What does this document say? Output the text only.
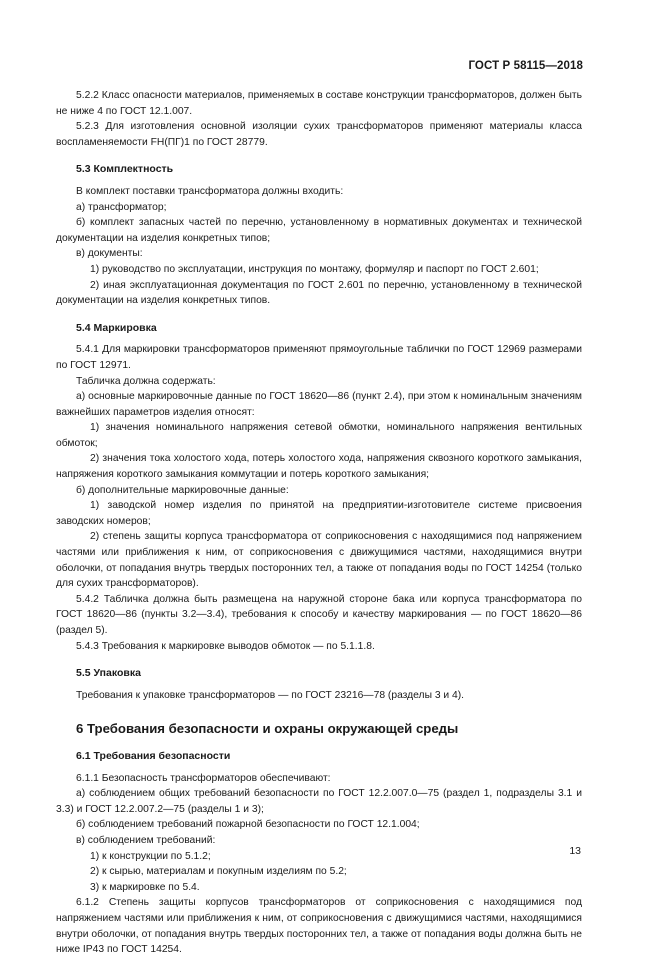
ГОСТ Р 58115—2018

5.2.2 Класс опасности материалов, применяемых в составе конструкции трансформаторов, должен быть не ниже 4 по ГОСТ 12.1.007.

5.2.3 Для изготовления основной изоляции сухих трансформаторов применяют материалы класса воспламеняемости FH(ПГ)1 по ГОСТ 28779.

5.3 Комплектность

В комплект поставки трансформатора должны входить:

а) трансформатор;

б) комплект запасных частей по перечню, установленному в нормативных документах и технической документации на изделия конкретных типов;

в) документы:

1) руководство по эксплуатации, инструкция по монтажу, формуляр и паспорт по ГОСТ 2.601;

2) иная эксплуатационная документация по ГОСТ 2.601 по перечню, установленному в технической документации на изделия конкретных типов.

5.4 Маркировка

5.4.1 Для маркировки трансформаторов применяют прямоугольные таблички по ГОСТ 12969 размерами по ГОСТ 12971.

Табличка должна содержать:

а) основные маркировочные данные по ГОСТ 18620—86 (пункт 2.4), при этом к номинальным значениям важнейших параметров изделия относят:

1) значения номинального напряжения сетевой обмотки, номинального напряжения вентильных обмоток;

2) значения тока холостого хода, потерь холостого хода, напряжения сквозного короткого замыкания, напряжения короткого замыкания коммутации и потерь короткого замыкания;

б) дополнительные маркировочные данные:

1) заводской номер изделия по принятой на предприятии-изготовителе системе присвоения заводских номеров;

2) степень защиты корпуса трансформатора от соприкосновения с находящимися под напряжением частями или приближения к ним, от соприкосновения с движущимися частями, находящимися внутри оболочки, от попадания внутрь твердых посторонних тел, а также от попадания воды по ГОСТ 14254 (только для сухих трансформаторов).

5.4.2 Табличка должна быть размещена на наружной стороне бака или корпуса трансформатора по ГОСТ 18620—86 (пункты 3.2—3.4), требования к способу и качеству маркирования — по ГОСТ 18620—86 (раздел 5).

5.4.3 Требования к маркировке выводов обмоток — по 5.1.1.8.

5.5 Упаковка

Требования к упаковке трансформаторов — по ГОСТ 23216—78 (разделы 3 и 4).

6 Требования безопасности и охраны окружающей среды

6.1 Требования безопасности

6.1.1 Безопасность трансформаторов обеспечивают:

а) соблюдением общих требований безопасности по ГОСТ 12.2.007.0—75 (раздел 1, подразделы 3.1 и 3.3) и ГОСТ 12.2.007.2—75 (разделы 1 и 3);

б) соблюдением требований пожарной безопасности по ГОСТ 12.1.004;

в) соблюдением требований:

1) к конструкции по 5.1.2;

2) к сырью, материалам и покупным изделиям по 5.2;

3) к маркировке по 5.4.

6.1.2 Степень защиты корпусов трансформаторов от соприкосновения с находящимися под напряжением частями или приближения к ним, от соприкосновения с движущимися частями, находящимися внутри оболочки, от попадания внутрь твердых посторонних тел, а также от попадания воды должна быть не ниже IP43 по ГОСТ 14254.

13
